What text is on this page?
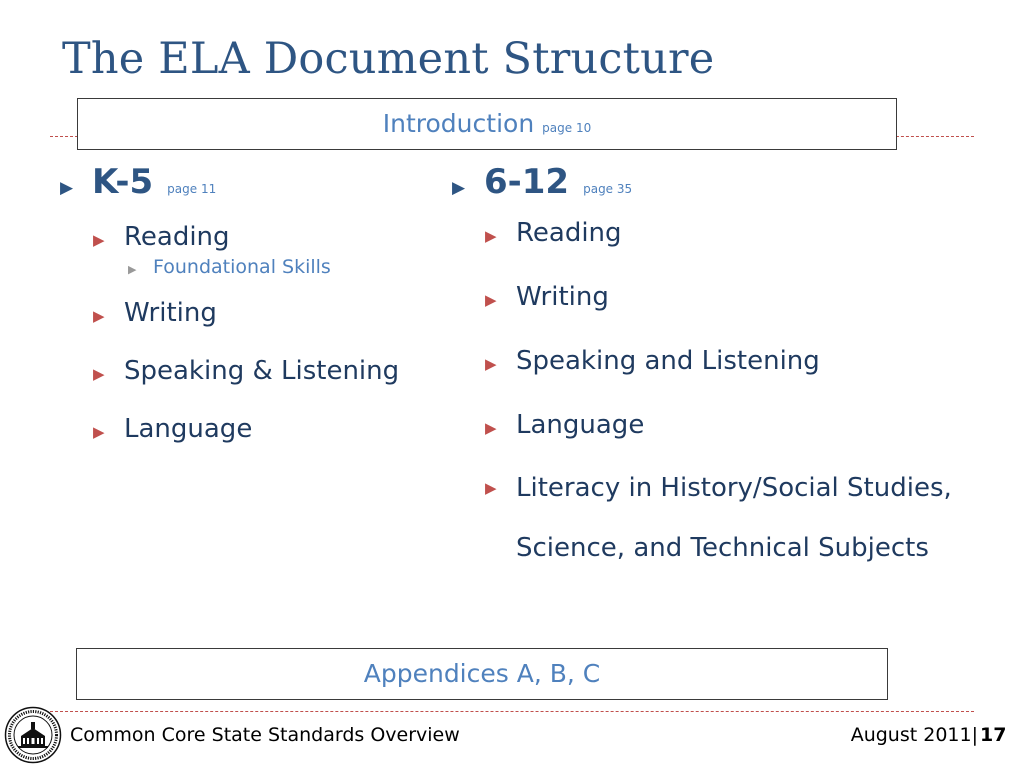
The ELA Document Structure
Introduction page 10
▶ K-5 page 11
▶ Reading
▶ Foundational Skills
▶ Writing
▶ Speaking & Listening
▶ Language
▶ 6-12 page 35
▶ Reading
▶ Writing
▶ Speaking and Listening
▶ Language
▶ Literacy in History/Social Studies, Science, and Technical Subjects
Appendices A, B, C
Common Core State Standards Overview	August 2011| 17
